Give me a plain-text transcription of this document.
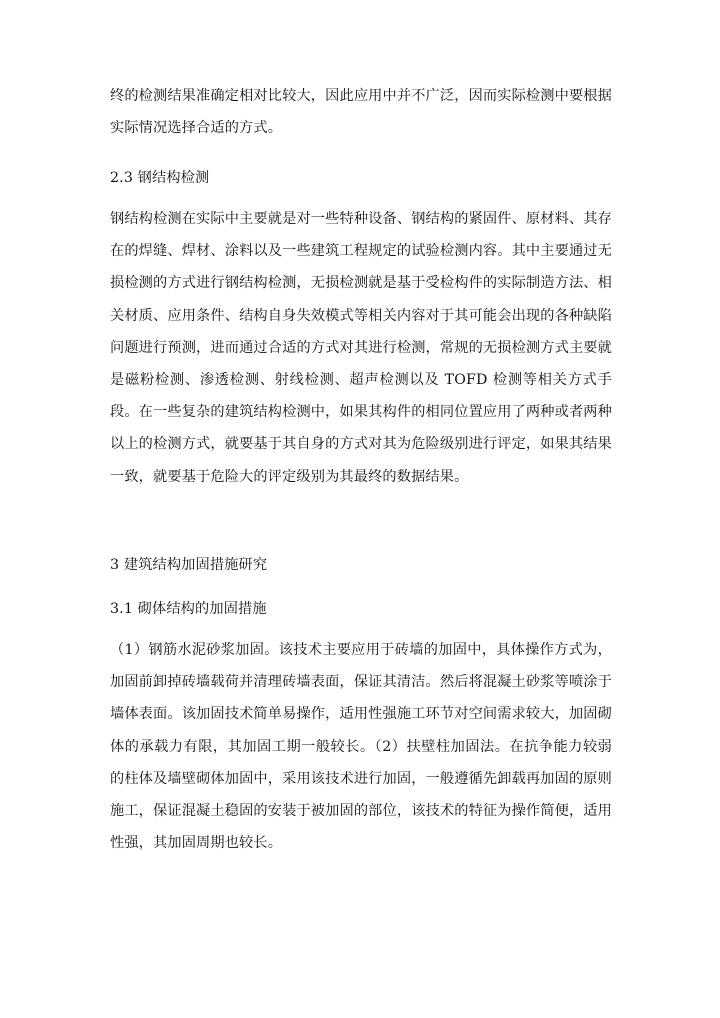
终的检测结果准确定相对比较大，因此应用中并不广泛，因而实际检测中要根据实际情况选择合适的方式。

2.3 钢结构检测

钢结构检测在实际中主要就是对一些特种设备、钢结构的紧固件、原材料、其存在的焊缝、焊材、涂料以及一些建筑工程规定的试验检测内容。其中主要通过无损检测的方式进行钢结构检测，无损检测就是基于受检构件的实际制造方法、相关材质、应用条件、结构自身失效模式等相关内容对于其可能会出现的各种缺陷问题进行预测，进而通过合适的方式对其进行检测，常规的无损检测方式主要就是磁粉检测、渗透检测、射线检测、超声检测以及 TOFD 检测等相关方式手段。在一些复杂的建筑结构检测中，如果其构件的相同位置应用了两种或者两种以上的检测方式，就要基于其自身的方式对其为危险级别进行评定，如果其结果一致，就要基于危险大的评定级别为其最终的数据结果。

3 建筑结构加固措施研究
3.1 砌体结构的加固措施

（1）钢筋水泥砂浆加固。该技术主要应用于砖墙的加固中，具体操作方式为，加固前卸掉砖墙载荷并清理砖墙表面，保证其清洁。然后将混凝土砂浆等喷涂于墙体表面。该加固技术简单易操作，适用性强施工环节对空间需求较大，加固砌体的承载力有限，其加固工期一般较长。（2）扶壁柱加固法。在抗争能力较弱的柱体及墙壁砌体加固中，采用该技术进行加固，一般遵循先卸载再加固的原则施工，保证混凝土稳固的安装于被加固的部位，该技术的特征为操作简便，适用性强，其加固周期也较长。
